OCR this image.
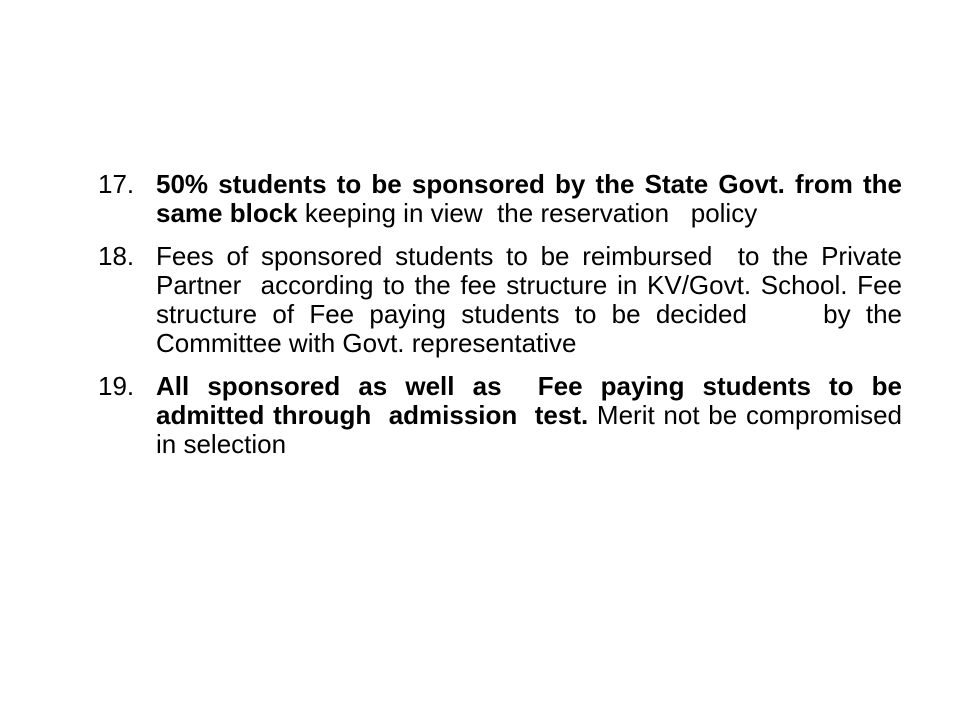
17. 50% students to be sponsored by the State Govt. from the same block keeping in view  the reservation   policy
18. Fees of sponsored students to be reimbursed  to the Private Partner  according to the fee structure in KV/Govt. School. Fee structure of Fee paying students to be decided     by the Committee with Govt. representative
19. All sponsored as well as  Fee paying students to be admitted through  admission  test. Merit not be compromised  in selection
